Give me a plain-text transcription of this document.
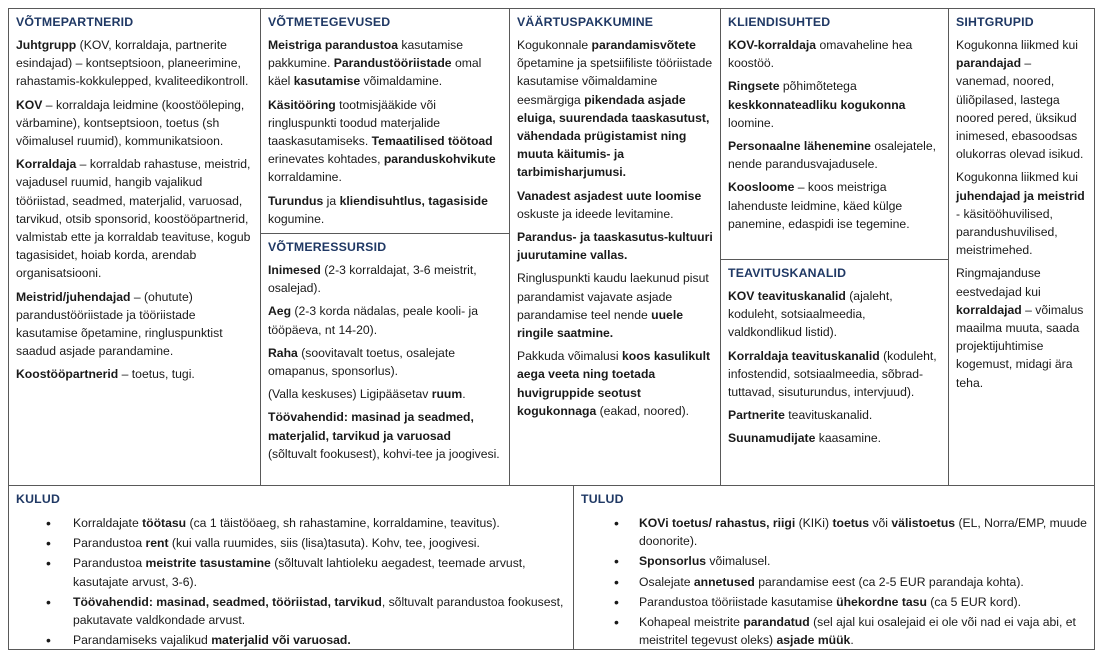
VÕTMEPARTNERID
Juhtgrupp (KOV, korraldaja, partnerite esindajad) – kontseptsioon, planeerimine, rahastamis-kokkulepped, kvaliteedikontroll.
KOV – korraldaja leidmine (koostööleping, värbamine), kontseptsioon, toetus (sh võimalusel ruumid), kommunikatsioon.
Korraldaja – korraldab rahastuse, meistrid, vajadusel ruumid, hangib vajalikud tööriistad, seadmed, materjalid, varuosad, tarvikud, otsib sponsorid, koostööpartnerid, valmistab ette ja korraldab teavituse, kogub tagasisidet, hoiab korda, arendab organisatsiooni.
Meistrid/juhendajad – (ohutute) parandustööriistade ja tööriistade kasutamise õpetamine, ringluspunktist saadud asjade parandamine.
Koostööpartnerid – toetus, tugi.
VÕTMETEGEVUSED
Meistriga parandustoa kasutamise pakkumine. Parandustööriistade omal käel kasutamise võimaldamine.
Käsitööring tootmisjääkide või ringluspunkti toodud materjalide taaskasutamiseks. Temaatilised töötoad erinevates kohtades, parandusk​ohvikute korraldamine.
Turundus ja kliendisuhtlus, tagasiside kogumine.
VÕTMERESSURSID
Inimesed (2-3 korraldajat, 3-6 meistrit, osalejad).
Aeg (2-3 korda nädalas, peale kooli- ja tööpäeva, nt 14-20).
Raha (soovitavalt toetus, osalejate omapanus, sponsorlus).
(Valla keskuses) Ligipääsetav ruum.
Töövahendid: masinad ja seadmed, materjalid, tarvikud ja varuosad (sõltuvalt fookusest), kohvi-tee ja joogivesi.
VÄÄRTUSPAKKUMINE
Kogukonnale parandamisvõtete õpetamine ja spetsiifiliste tööriistade kasutamise võimaldamine eesmärgiga pikendada asjade eluiga, suurendada taaskasutust, vähendada prügistamist ning muuta käitumis- ja tarbimisharjumusi.
Vanadest asjadest uute loomise oskuste ja ideede levitamine.
Parandus- ja taaskasutus-kultuuri juurutamine vallas.
Ringluspunkti kaudu laekunud pisut parandamist vajavate asjade parandamise teel nende uuele ringile saatmine.
Pakkuda võimalusi koos kasulikult aega veeta ning toetada huvigruppide seotust kogukonnaga (eakad, noored).
KLIENDISUHTED
KOV-korraldaja omavaheline hea koostöö.
Ringsete põhimõtetega keskkonnateadliku kogukonna loomine.
Personaalne lähenemine osalejatele, nende parandusvajadusele.
Koosloome – koos meistriga lahenduste leidmine, käed külge panemine, edaspidi ise tegemine.
TEAVITUSKANALID
KOV teavituskanalid (ajaleht, koduleht, sotsiaalmeedia, valdkondlikud listid).
Korraldaja teavituskanalid (koduleht, infostendid, sotsiaalmeedia, sõbrad-tuttavad, sisuturundus, intervjuud).
Partnerite teavituskanalid.
Suunamudijate kaasamine.
SIHTGRUPID
Kogukonna liikmed kui parandajad – vanemad, noored, üliõpilased, lastega noored pered, üksikud inimesed, ebasoodsas olukorras olevad isikud.
Kogukonna liikmed kui juhendajad ja meistrid - käsitööhuvilised, parandushuvilised, meistrimehed.
Ringmajanduse eestvedajad kui korraldajad – võimalus maailma muuta, saada projektijuhtimise kogemust, midagi ära teha.
KULUD
• Korraldajate töötasu (ca 1 täistööaeg, sh rahastamine, korraldamine, teavitus).
• Parandustoa rent (kui valla ruumides, siis (lisa)tasuta). Kohv, tee, joogivesi.
• Parandustoa meistrite tasustamine (sõltuvalt lahtioleku aegadest, teemade arvust, kasutajate arvust, 3-6).
• Töövahendid: masinad, seadmed, tööriistad, tarvikud, sõltuvalt parandustoa fookusest, pakutavate valdkondade arvust.
• Parandamiseks vajalikud materjalid või varuosad.
TULUD
• KOVi toetus/ rahastus, riigi (KIKi) toetus või välistoetus (EL, Norra/EMP, muude doonorite).
• Sponsorlus võimalusel.
• Osalejate annetused parandamise eest (ca 2-5 EUR parandaja kohta).
• Parandustoa tööriistade kasutamise ühekordne tasu (ca 5 EUR kord).
• Kohapeal meistrite parandatud (sel ajal kui osalejaid ei ole või nad ei vaja abi, et meistritel tegevust oleks) asjade müük.
